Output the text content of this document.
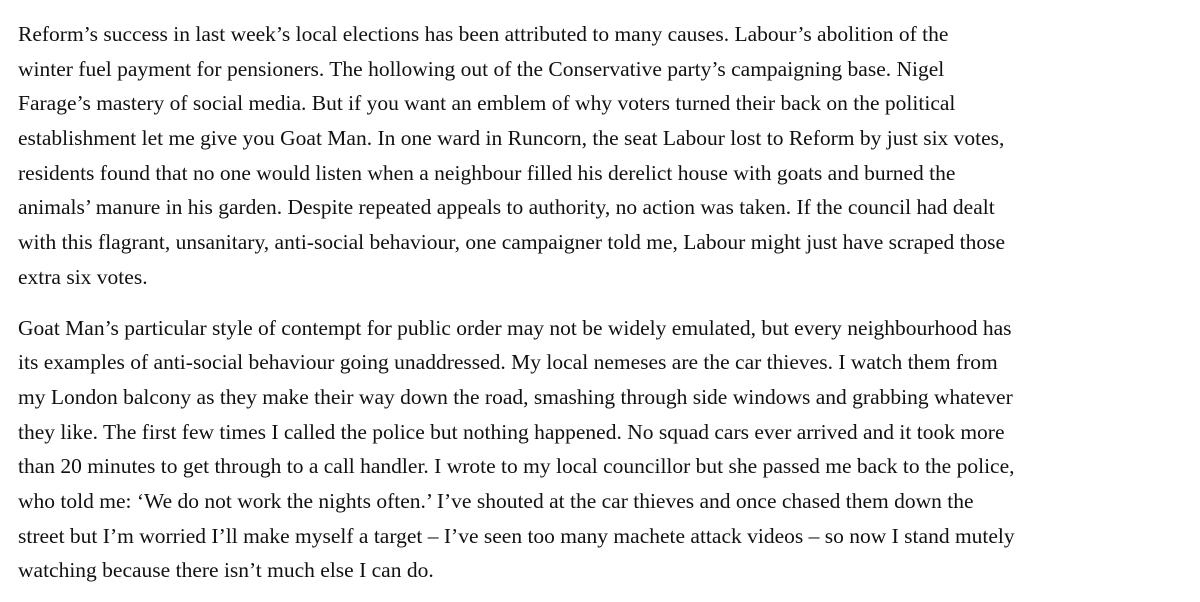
Reform’s success in last week’s local elections has been attributed to many causes. Labour’s abolition of the
winter fuel payment for pensioners. The hollowing out of the Conservative party’s campaigning base. Nigel
Farage’s mastery of social media. But if you want an emblem of why voters turned their back on the political
establishment let me give you Goat Man. In one ward in Runcorn, the seat Labour lost to Reform by just six votes,
residents found that no one would listen when a neighbour filled his derelict house with goats and burned the
animals’ manure in his garden. Despite repeated appeals to authority, no action was taken. If the council had dealt
with this flagrant, unsanitary, anti-social behaviour, one campaigner told me, Labour might just have scraped those
extra six votes.

Goat Man’s particular style of contempt for public order may not be widely emulated, but every neighbourhood has
its examples of anti-social behaviour going unaddressed. My local nemeses are the car thieves. I watch them from
my London balcony as they make their way down the road, smashing through side windows and grabbing whatever
they like. The first few times I called the police but nothing happened. No squad cars ever arrived and it took more
than 20 minutes to get through to a call handler. I wrote to my local councillor but she passed me back to the police,
who told me: ‘We do not work the nights often.’ I’ve shouted at the car thieves and once chased them down the
street but I’m worried I’ll make myself a target – I’ve seen too many machete attack videos – so now I stand mutely
watching because there isn’t much else I can do.
